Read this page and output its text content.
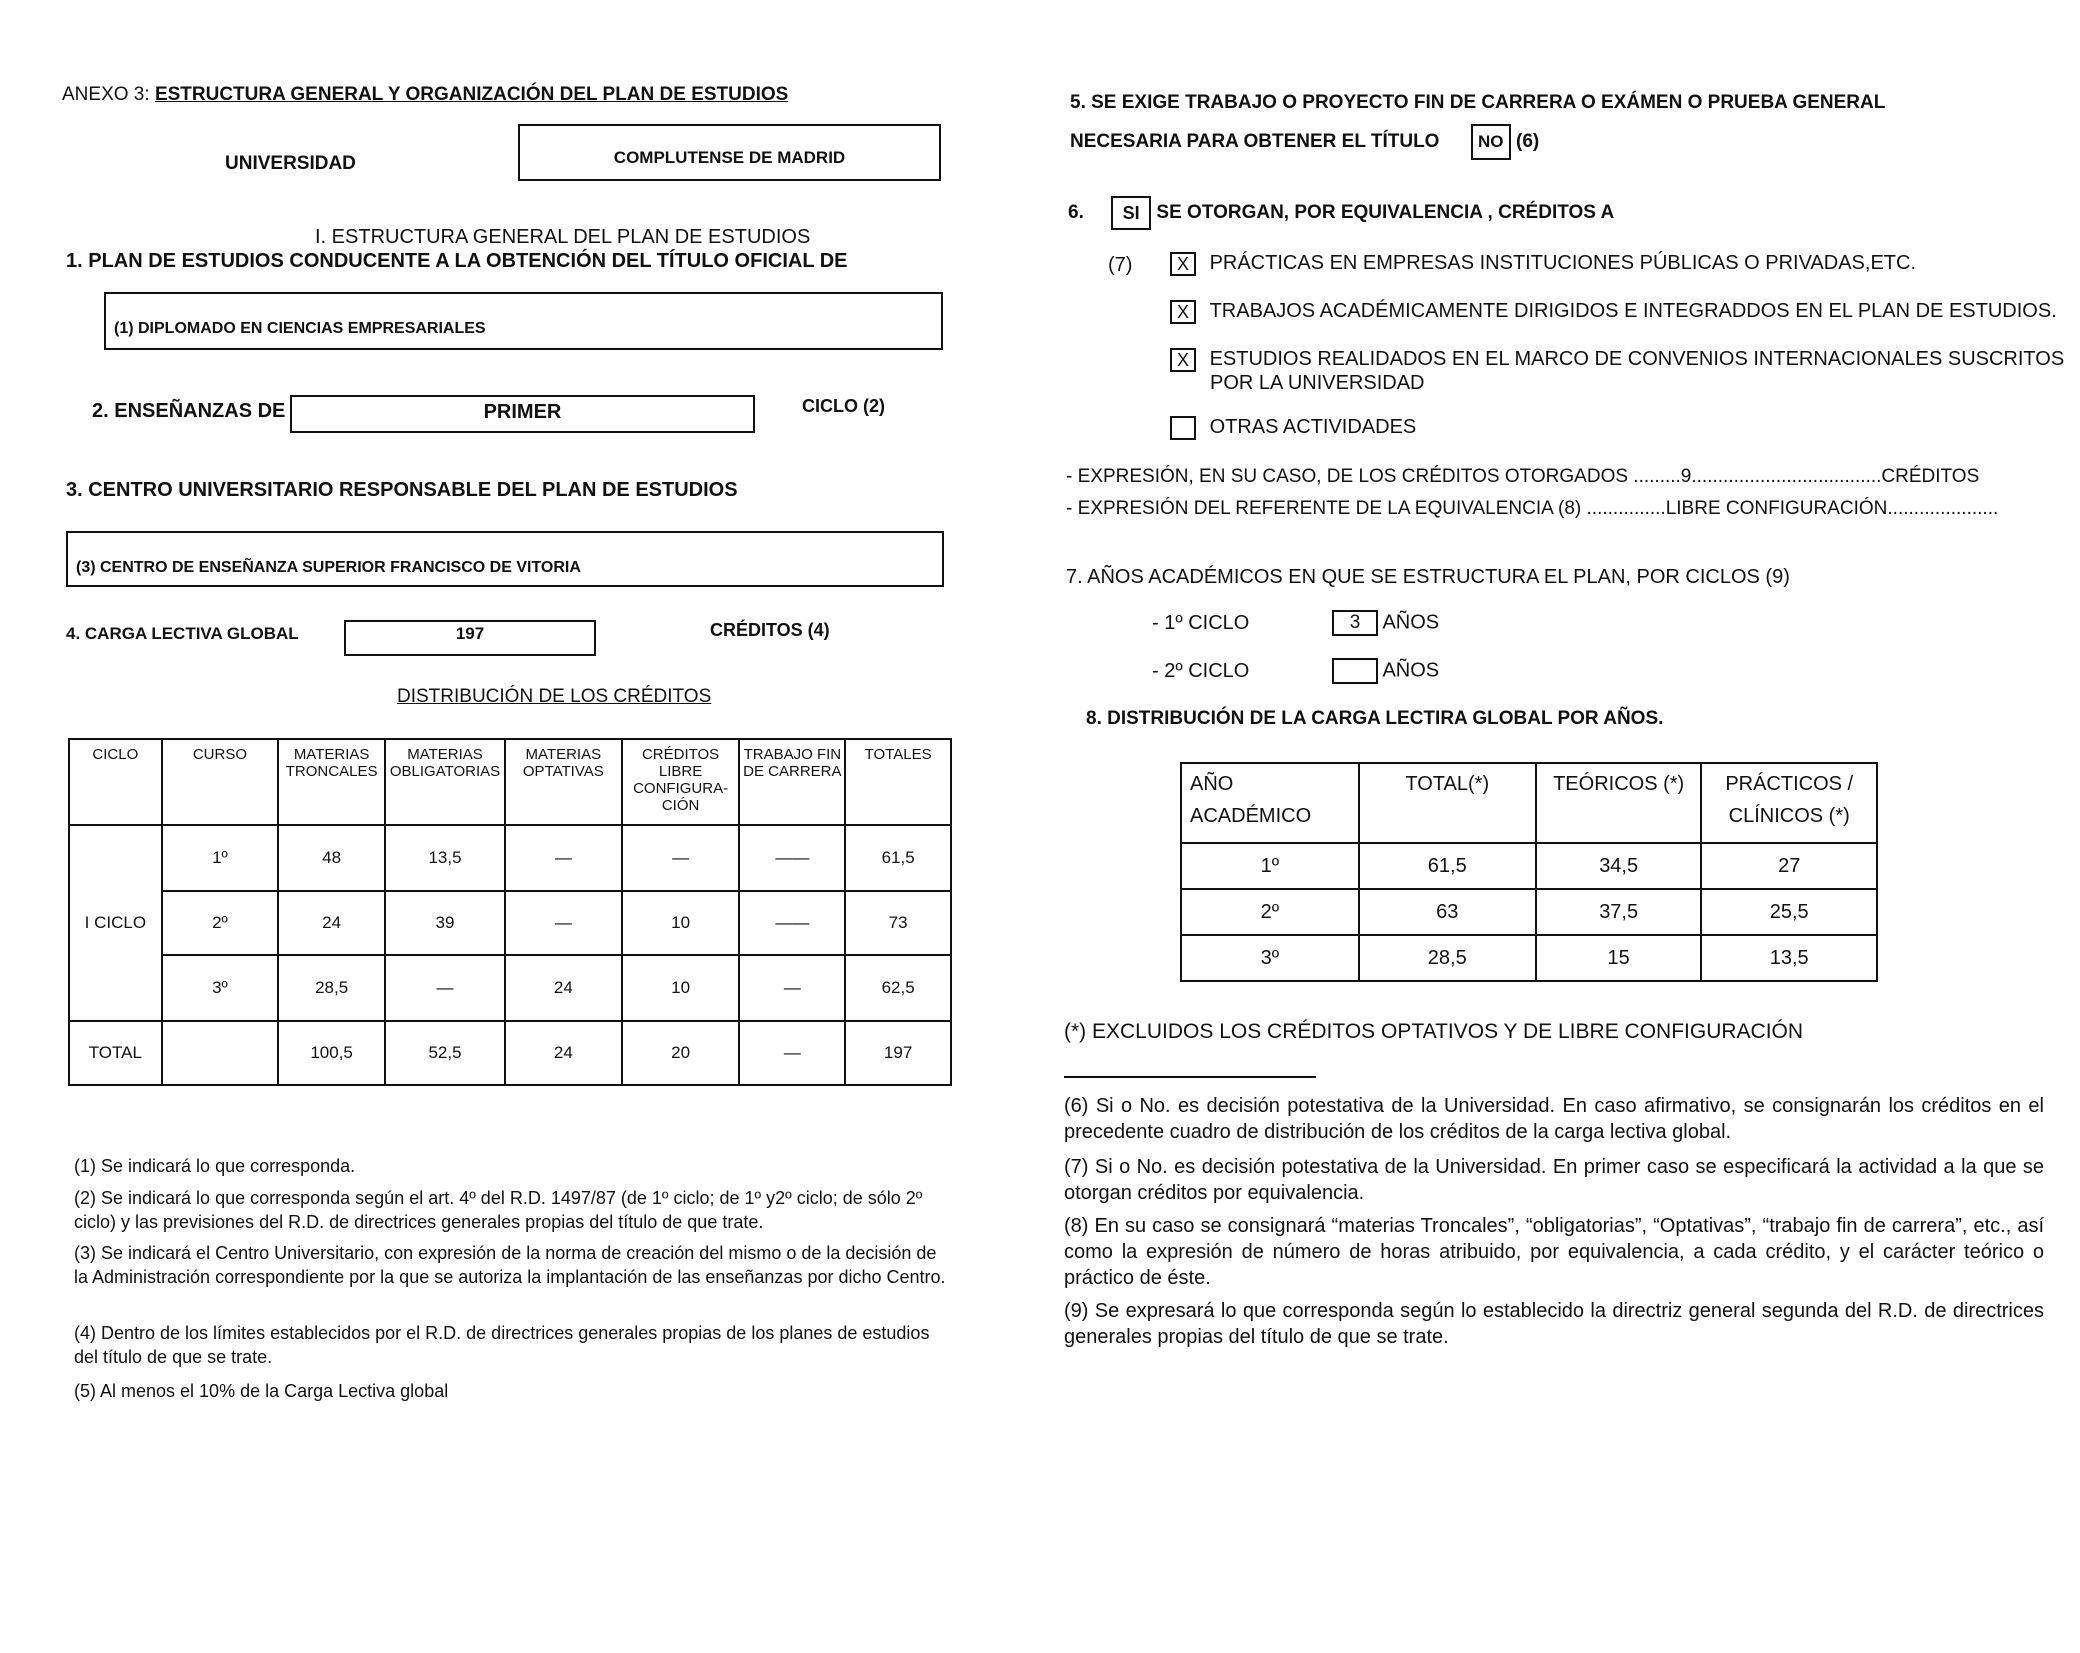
ANEXO 3: ESTRUCTURA GENERAL Y ORGANIZACIÓN DEL PLAN DE ESTUDIOS
UNIVERSIDAD	COMPLUTENSE DE MADRID
I. ESTRUCTURA GENERAL DEL PLAN DE ESTUDIOS
1. PLAN DE ESTUDIOS CONDUCENTE A LA OBTENCIÓN DEL TÍTULO OFICIAL DE
(1) DIPLOMADO EN CIENCIAS EMPRESARIALES
2. ENSEÑANZAS DE	PRIMER	CICLO (2)
3. CENTRO UNIVERSITARIO RESPONSABLE DEL PLAN DE ESTUDIOS
(3) CENTRO DE ENSEÑANZA SUPERIOR FRANCISCO DE VITORIA
4. CARGA LECTIVA GLOBAL	197	CRÉDITOS (4)
DISTRIBUCIÓN DE LOS CRÉDITOS
CICLO	CURSO	MATERIAS TRONCALES	MATERIAS OBLIGATORIAS	MATERIAS OPTATIVAS	CRÉDITOS LIBRE CONFIGURA-CIÓN	TRABAJO FIN DE CARRERA	TOTALES
I CICLO	1º	48	13,5	—	—	——	61,5
	2º	24	39	—	10	——	73
	3º	28,5	—	24	10	—	62,5
TOTAL		100,5	52,5	24	20	—	197
(1) Se indicará lo que corresponda.
(2) Se indicará lo que corresponda según el art. 4º del R.D. 1497/87 (de 1º ciclo; de 1º y2º ciclo; de sólo 2º ciclo) y las previsiones del R.D. de directrices generales propias del título de que trate.
(3) Se indicará el Centro Universitario, con expresión de la norma de creación del mismo o de la decisión de la Administración correspondiente por la que se autoriza la implantación de las enseñanzas por dicho Centro.
(4) Dentro de los límites establecidos por el R.D. de directrices generales propias de los planes de estudios del título de que se trate.
(5) Al menos el 10% de la Carga Lectiva global
5. SE EXIGE TRABAJO O PROYECTO FIN DE CARRERA O EXÁMEN O PRUEBA GENERAL
NECESARIA PARA OBTENER EL TÍTULO NO (6)
6. SI SE OTORGAN, POR EQUIVALENCIA , CRÉDITOS A
(7)	X PRÁCTICAS EN EMPRESAS INSTITUCIONES PÚBLICAS O PRIVADAS,ETC.
X TRABAJOS ACADÉMICAMENTE DIRIGIDOS E INTEGRADDOS EN EL PLAN DE ESTUDIOS.
X ESTUDIOS REALIDADOS EN EL MARCO DE CONVENIOS INTERNACIONALES SUSCRITOS
POR LA UNIVERSIDAD
OTRAS ACTIVIDADES
- EXPRESIÓN, EN SU CASO, DE LOS CRÉDITOS OTORGADOS .........9....................................CRÉDITOS
- EXPRESIÓN DEL REFERENTE DE LA EQUIVALENCIA (8) ...............LIBRE CONFIGURACIÓN.....................
7. AÑOS ACADÉMICOS EN QUE SE ESTRUCTURA EL PLAN, POR CICLOS (9)
- 1º CICLO	3 AÑOS
- 2º CICLO	AÑOS
8. DISTRIBUCIÓN DE LA CARGA LECTIRA GLOBAL POR AÑOS.
AÑO ACADÉMICO	TOTAL(*)	TEÓRICOS (*)	PRÁCTICOS / CLÍNICOS (*)
1º	61,5	34,5	27
2º	63	37,5	25,5
3º	28,5	15	13,5
(*) EXCLUIDOS LOS CRÉDITOS OPTATIVOS Y DE LIBRE CONFIGURACIÓN
(6) Si o No. es decisión potestativa de la Universidad. En caso afirmativo, se consignarán los créditos en el precedente cuadro de distribución de los créditos de la carga lectiva global.
(7) Si o No. es decisión potestativa de la Universidad. En primer caso se especificará la actividad a la que se otorgan créditos por equivalencia.
(8) En su caso se consignará “materias Troncales”, “obligatorias”, “Optativas”, “trabajo fin de carrera”, etc., así como la expresión de número de horas atribuido, por equivalencia, a cada crédito, y el carácter teórico o práctico de éste.
(9) Se expresará lo que corresponda según lo establecido la directriz general segunda del R.D. de directrices generales propias del título de que se trate.
